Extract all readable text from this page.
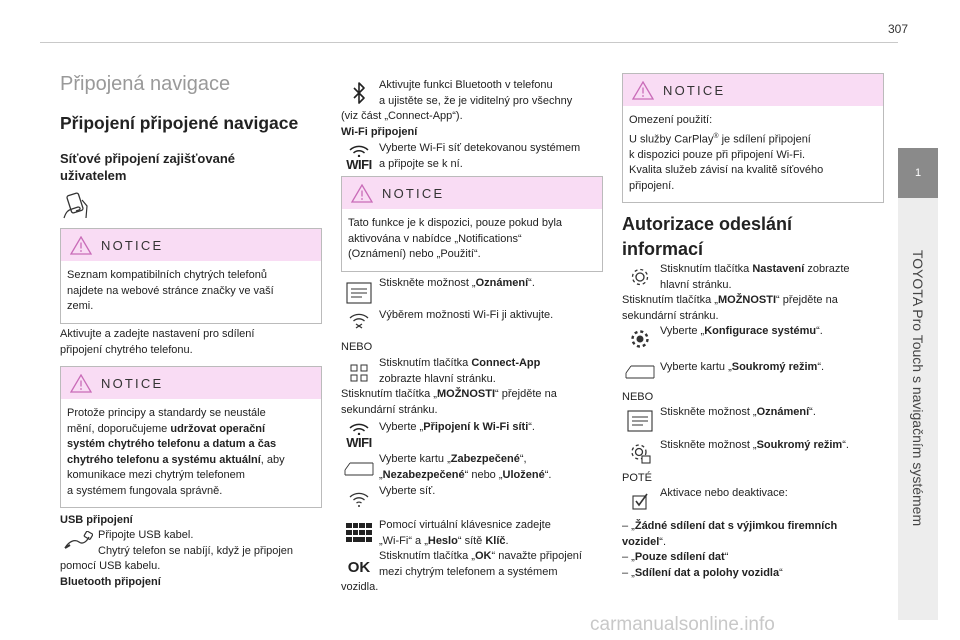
307
1
TOYOTA Pro Touch s navigačním systémem
Připojená navigace
Připojení připojené navigace
Síťové připojení zajišťované
uživatelem
NOTICE
Seznam kompatibilních chytrých telefonů
najdete na webové stránce značky ve vaší
zemi.
Aktivujte a zadejte nastavení pro sdílení
připojení chytrého telefonu.
NOTICE
Protože principy a standardy se neustále
mění, doporučujeme udržovat operační
systém chytrého telefonu a datum a čas
chytrého telefonu a systému aktuální, aby
komunikace mezi chytrým telefonem
a systémem fungovala správně.
USB připojení
Připojte USB kabel.
Chytrý telefon se nabíjí, když je připojen
pomocí USB kabelu.
Bluetooth připojení
Aktivujte funkci Bluetooth v telefonu
a ujistěte se, že je viditelný pro všechny
(viz část „Connect-App“).
Wi-Fi připojení
WIFI
Vyberte Wi-Fi síť detekovanou systémem
a připojte se k ní.
NOTICE
Tato funkce je k dispozici, pouze pokud byla
aktivována v nabídce „Notifications“
(Oznámení) nebo „Použití“.
Stiskněte možnost „Oznámení“.
Výběrem možnosti Wi-Fi ji aktivujte.
NEBO
Stisknutím tlačítka Connect-App
zobrazte hlavní stránku.
Stisknutím tlačítka „MOŽNOSTI“ přejděte na
sekundární stránku.
WIFI
Vyberte „Připojení k Wi-Fi síti“.
Vyberte kartu „Zabezpečené“,
„Nezabezpečené“ nebo „Uložené“.
Vyberte síť.
Pomocí virtuální klávesnice zadejte
„Wi-Fi“ a „Heslo“ sítě Klíč.
OK
Stisknutím tlačítka „OK“ navažte připojení
mezi chytrým telefonem a systémem
vozidla.
NOTICE
Omezení použití:
U služby CarPlay® je sdílení připojení
k dispozici pouze při připojení Wi-Fi.
Kvalita služeb závisí na kvalitě síťového
připojení.
Autorizace odeslání
informací
Stisknutím tlačítka Nastavení zobrazte
hlavní stránku.
Stisknutím tlačítka „MOŽNOSTI“ přejděte na
sekundární stránku.
Vyberte „Konfigurace systému“.
Vyberte kartu „Soukromý režim“.
NEBO
Stiskněte možnost „Oznámení“.
Stiskněte možnost „Soukromý režim“.
POTÉ
Aktivace nebo deaktivace:
– „Žádné sdílení dat s výjimkou firemních
vozidel“.
– „Pouze sdílení dat“
– „Sdílení dat a polohy vozidla“
carmanualsonline.info
